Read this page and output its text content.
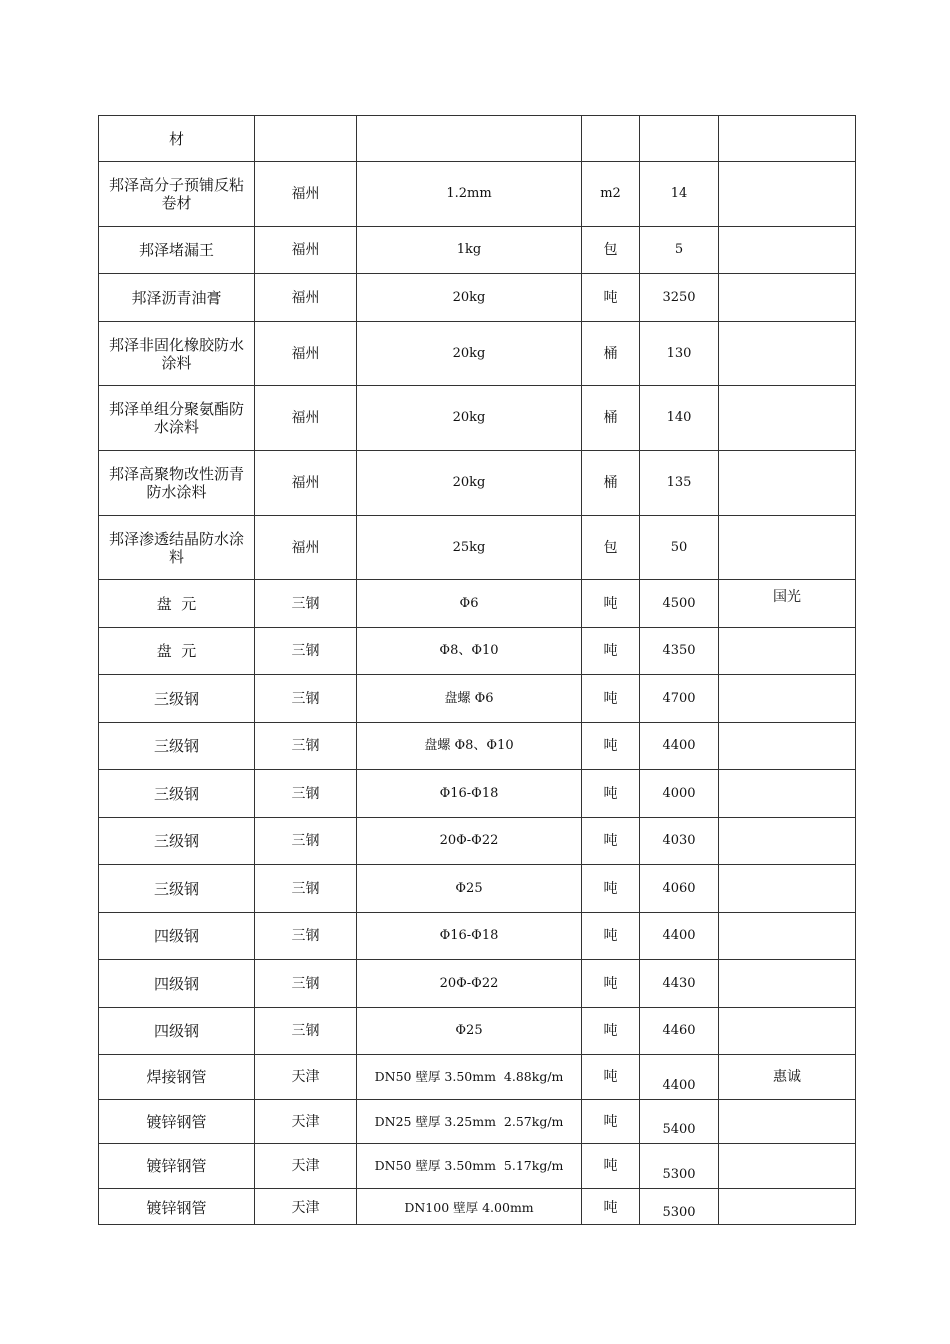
材					
邦泽高分子预铺反粘卷材	福州	1.2mm	m2	14	
邦泽堵漏王	福州	1kg	包	5	
邦泽沥青油膏	福州	20kg	吨	3250	
邦泽非固化橡胶防水涂料	福州	20kg	桶	130	
邦泽单组分聚氨酯防水涂料	福州	20kg	桶	140	
邦泽高聚物改性沥青防水涂料	福州	20kg	桶	135	
邦泽渗透结晶防水涂料	福州	25kg	包	50	
盘  元	三钢	Φ6	吨	4500	国光
盘  元	三钢	Φ8、Φ10	吨	4350	
三级钢	三钢	盘螺 Φ6	吨	4700	
三级钢	三钢	盘螺 Φ8、Φ10	吨	4400	
三级钢	三钢	Φ16-Φ18	吨	4000	
三级钢	三钢	20Φ-Φ22	吨	4030	
三级钢	三钢	Φ25	吨	4060	
四级钢	三钢	Φ16-Φ18	吨	4400	
四级钢	三钢	20Φ-Φ22	吨	4430	
四级钢	三钢	Φ25	吨	4460	
焊接钢管	天津	DN50 壁厚 3.50mm  4.88kg/m	吨	4400	惠诚
镀锌钢管	天津	DN25 壁厚 3.25mm  2.57kg/m	吨	5400	
镀锌钢管	天津	DN50 壁厚 3.50mm  5.17kg/m	吨	5300	
镀锌钢管	天津	DN100 壁厚 4.00mm	吨	5300	
